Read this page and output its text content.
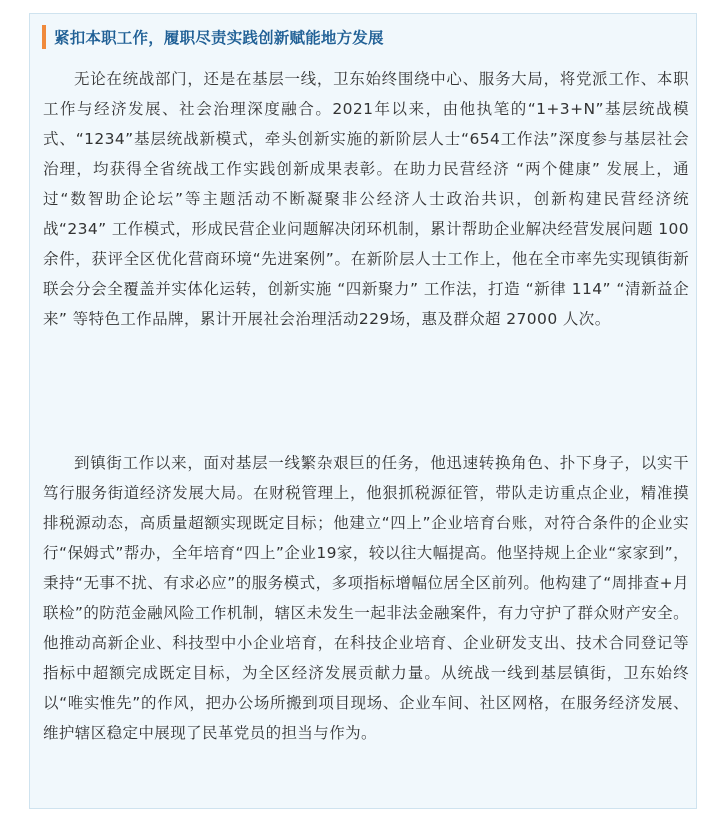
紧扣本职工作，履职尽责实践创新赋能地方发展

无论在统战部门，还是在基层一线，卫东始终围绕中心、服务大局，将党派工作、本职工作与经济发展、社会治理深度融合。2021年以来，由他执笔的“1+3+N”基层统战模式、“1234”基层统战新模式，牵头创新实施的新阶层人士“654工作法”深度参与基层社会治理，均获得全省统战工作实践创新成果表彰。在助力民营经济 “两个健康” 发展上，通过“数智助企论坛”等主题活动不断凝聚非公经济人士政治共识，创新构建民营经济统战“234” 工作模式，形成民营企业问题解决闭环机制，累计帮助企业解决经营发展问题 100 余件，获评全区优化营商环境“先进案例”。在新阶层人士工作上，他在全市率先实现镇街新联会分会全覆盖并实体化运转，创新实施 “四新聚力” 工作法，打造 “新律 114” “清新益企来” 等特色工作品牌，累计开展社会治理活动229场，惠及群众超 27000 人次。

到镇街工作以来，面对基层一线繁杂艰巨的任务，他迅速转换角色、扑下身子，以实干笃行服务街道经济发展大局。在财税管理上，他狠抓税源征管，带队走访重点企业，精准摸排税源动态，高质量超额实现既定目标；他建立“四上”企业培育台账，对符合条件的企业实行“保姆式”帮办，全年培育“四上”企业19家，较以往大幅提高。他坚持规上企业“家家到”，秉持“无事不扰、有求必应”的服务模式，多项指标增幅位居全区前列。他构建了“周排查+月联检”的防范金融风险工作机制，辖区未发生一起非法金融案件，有力守护了群众财产安全。他推动高新企业、科技型中小企业培育，在科技企业培育、企业研发支出、技术合同登记等指标中超额完成既定目标，为全区经济发展贡献力量。从统战一线到基层镇街，卫东始终以“唯实惟先”的作风，把办公场所搬到项目现场、企业车间、社区网格，在服务经济发展、维护辖区稳定中展现了民革党员的担当与作为。
